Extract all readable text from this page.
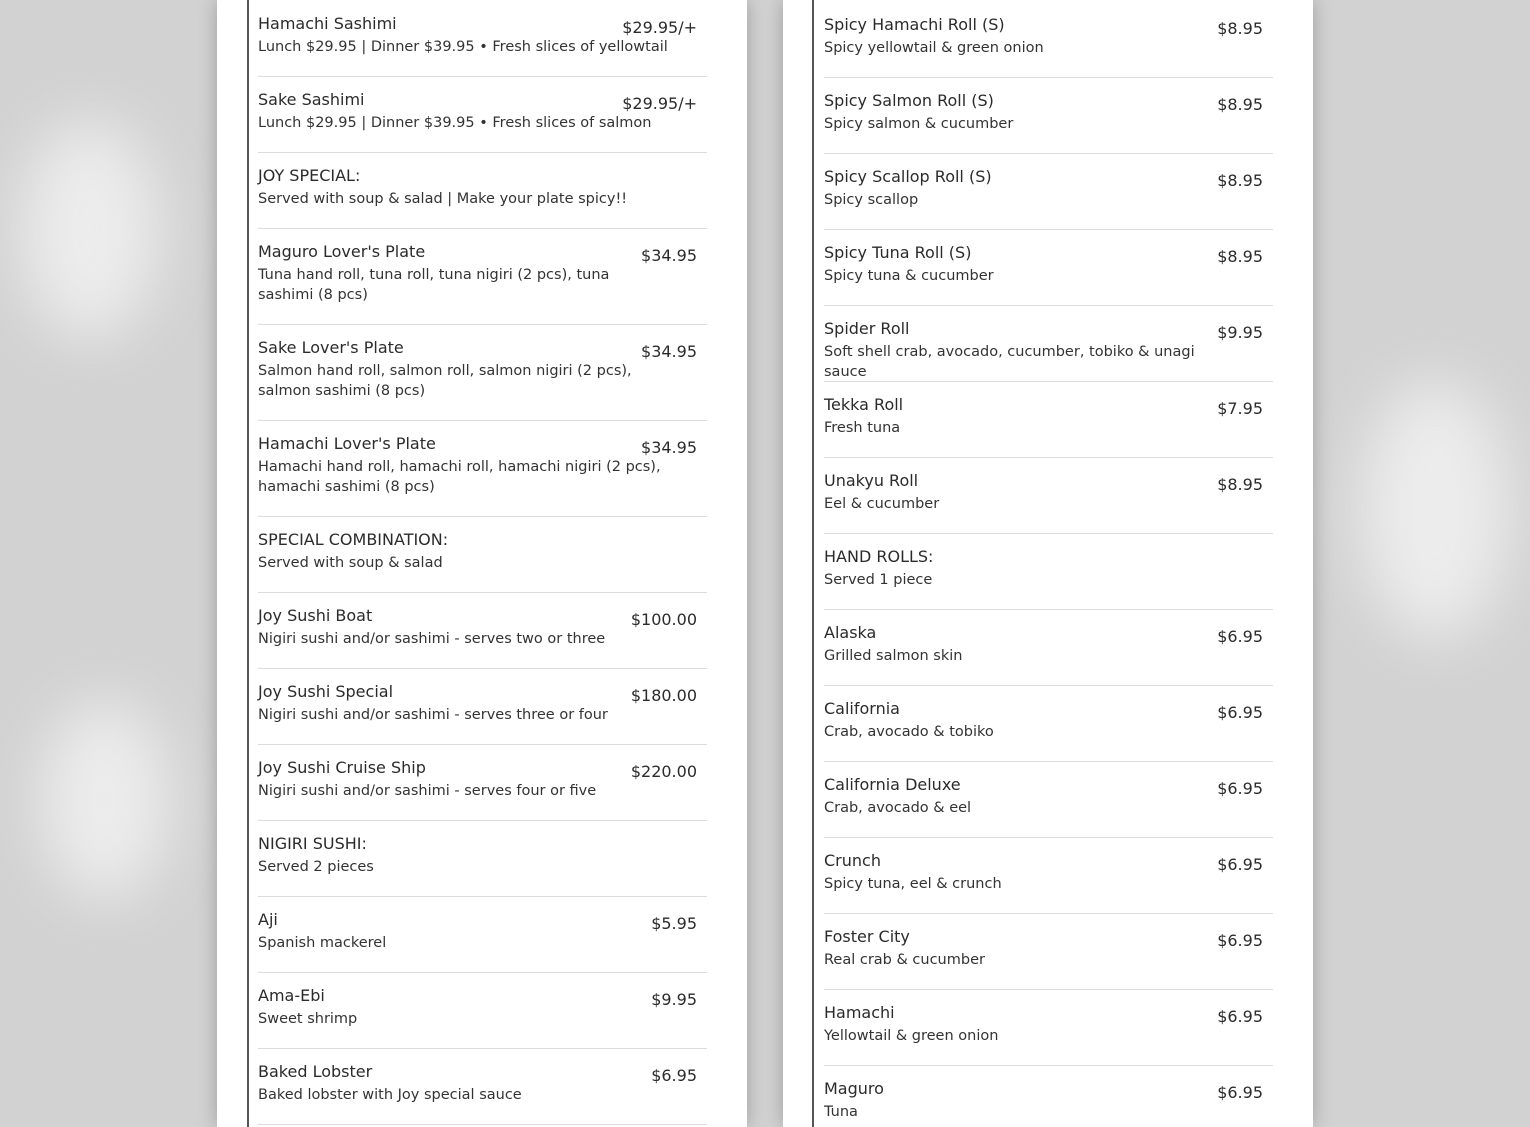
Hamachi Sashimi	$29.95/+
Lunch $29.95 | Dinner $39.95 • Fresh slices of yellowtail
Sake Sashimi	$29.95/+
Lunch $29.95 | Dinner $39.95 • Fresh slices of salmon
JOY SPECIAL:
Served with soup & salad | Make your plate spicy!!
Maguro Lover's Plate	$34.95
Tuna hand roll, tuna roll, tuna nigiri (2 pcs), tuna sashimi (8 pcs)
Sake Lover's Plate	$34.95
Salmon hand roll, salmon roll, salmon nigiri (2 pcs), salmon sashimi (8 pcs)
Hamachi Lover's Plate	$34.95
Hamachi hand roll, hamachi roll, hamachi nigiri (2 pcs), hamachi sashimi (8 pcs)
SPECIAL COMBINATION:
Served with soup & salad
Joy Sushi Boat	$100.00
Nigiri sushi and/or sashimi - serves two or three
Joy Sushi Special	$180.00
Nigiri sushi and/or sashimi - serves three or four
Joy Sushi Cruise Ship	$220.00
Nigiri sushi and/or sashimi - serves four or five
NIGIRI SUSHI:
Served 2 pieces
Aji	$5.95
Spanish mackerel
Ama-Ebi	$9.95
Sweet shrimp
Baked Lobster	$6.95
Baked lobster with Joy special sauce
Spicy Hamachi Roll (S)	$8.95
Spicy yellowtail & green onion
Spicy Salmon Roll (S)	$8.95
Spicy salmon & cucumber
Spicy Scallop Roll (S)	$8.95
Spicy scallop
Spicy Tuna Roll (S)	$8.95
Spicy tuna & cucumber
Spider Roll	$9.95
Soft shell crab, avocado, cucumber, tobiko & unagi sauce
Tekka Roll	$7.95
Fresh tuna
Unakyu Roll	$8.95
Eel & cucumber
HAND ROLLS:
Served 1 piece
Alaska	$6.95
Grilled salmon skin
California	$6.95
Crab, avocado & tobiko
California Deluxe	$6.95
Crab, avocado & eel
Crunch	$6.95
Spicy tuna, eel & crunch
Foster City	$6.95
Real crab & cucumber
Hamachi	$6.95
Yellowtail & green onion
Maguro	$6.95
Tuna
